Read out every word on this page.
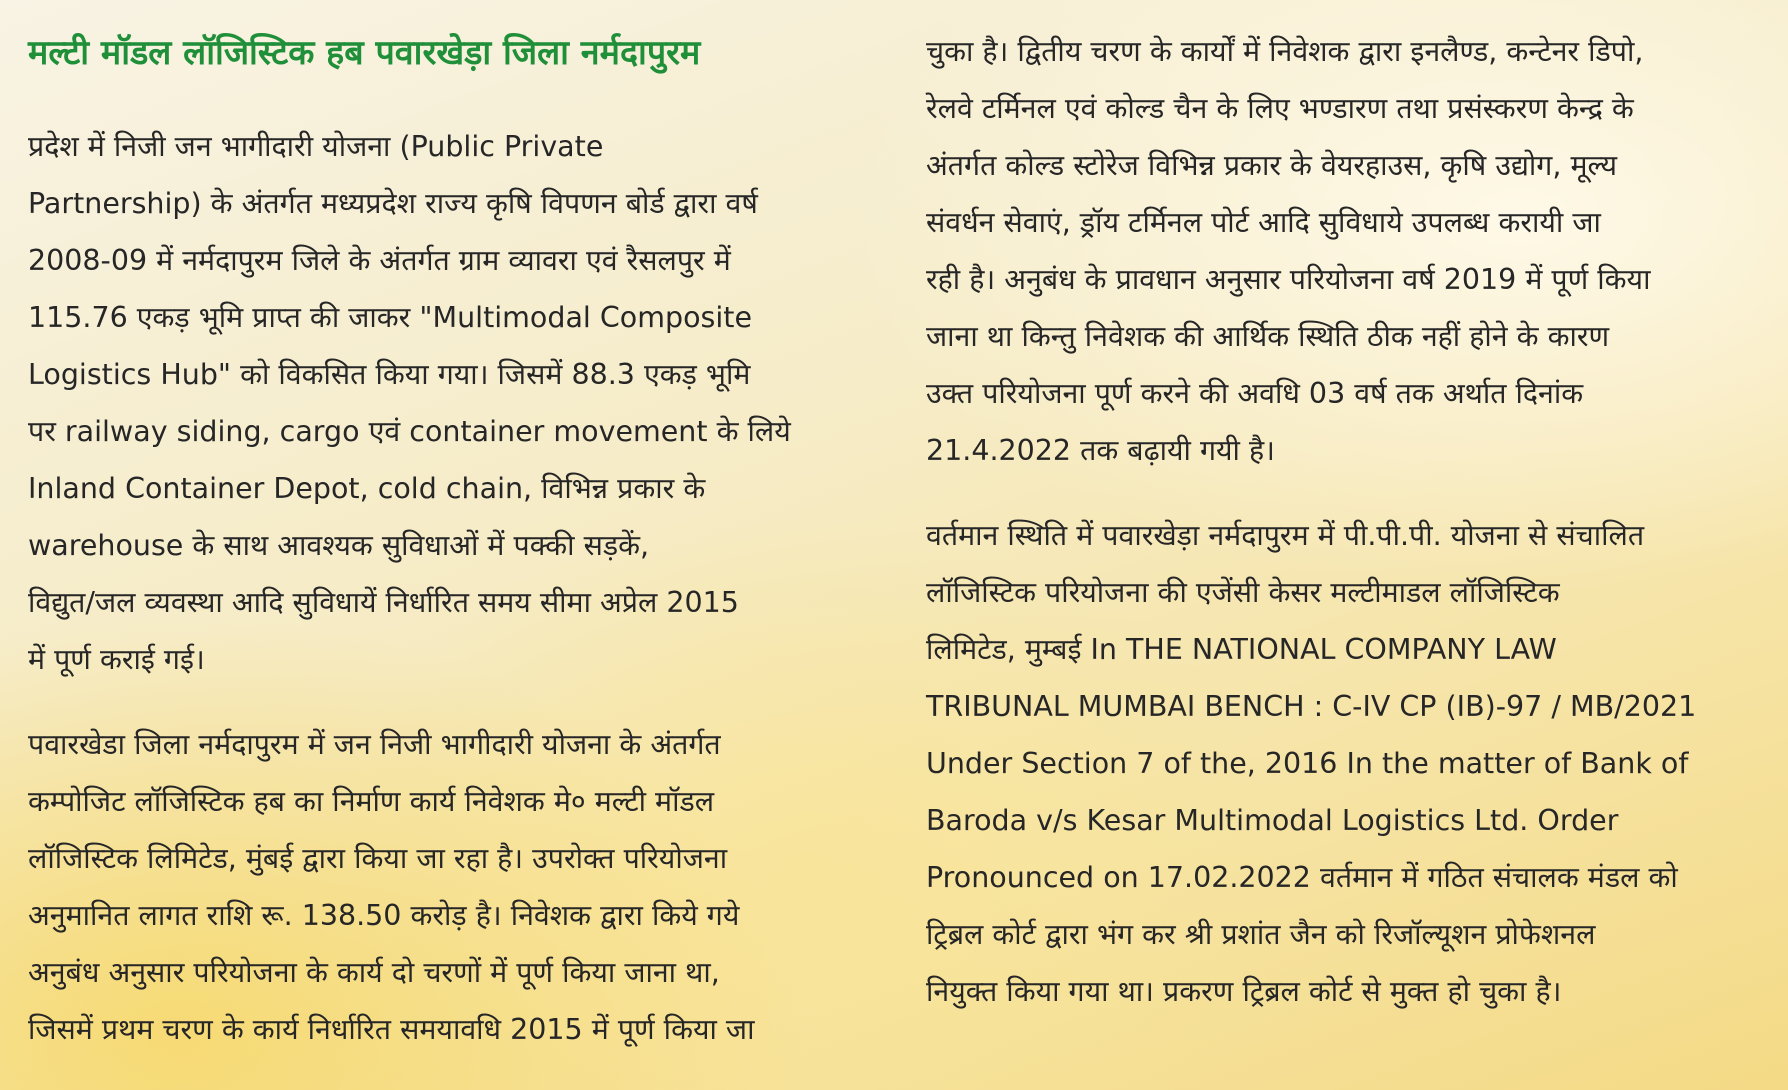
मल्टी मॉडल लॉजिस्टिक हब पवारखेड़ा जिला नर्मदापुरम
प्रदेश में निजी जन भागीदारी योजना (Public Private
Partnership) के अंतर्गत मध्यप्रदेश राज्य कृषि विपणन बोर्ड द्वारा वर्ष
2008-09 में नर्मदापुरम जिले के अंतर्गत ग्राम व्यावरा एवं रैसलपुर में
115.76 एकड़ भूमि प्राप्त की जाकर "Multimodal Composite
Logistics Hub" को विकसित किया गया। जिसमें 88.3 एकड़ भूमि
पर railway siding, cargo एवं container movement के लिये
Inland Container Depot, cold chain, विभिन्न प्रकार के
warehouse के साथ आवश्यक सुविधाओं में पक्की सड़कें,
विद्युत/जल व्यवस्था आदि सुविधायें निर्धारित समय सीमा अप्रेल 2015
में पूर्ण कराई गई।
पवारखेडा जिला नर्मदापुरम में जन निजी भागीदारी योजना के अंतर्गत
कम्पोजिट लॉजिस्टिक हब का निर्माण कार्य निवेशक मे० मल्टी मॉडल
लॉजिस्टिक लिमिटेड, मुंबई द्वारा किया जा रहा है। उपरोक्त परियोजना
अनुमानित लागत राशि रू. 138.50 करोड़ है। निवेशक द्वारा किये गये
अनुबंध अनुसार परियोजना के कार्य दो चरणों में पूर्ण किया जाना था,
जिसमें प्रथम चरण के कार्य निर्धारित समयावधि 2015 में पूर्ण किया जा
चुका है। द्वितीय चरण के कार्यों में निवेशक द्वारा इनलैण्ड, कन्टेनर डिपो,
रेलवे टर्मिनल एवं कोल्ड चैन के लिए भण्डारण तथा प्रसंस्करण केन्द्र के
अंतर्गत कोल्ड स्टोरेज विभिन्न प्रकार के वेयरहाउस, कृषि उद्योग, मूल्य
संवर्धन सेवाएं, ड्रॉय टर्मिनल पोर्ट आदि सुविधाये उपलब्ध करायी जा
रही है। अनुबंध के प्रावधान अनुसार परियोजना वर्ष 2019 में पूर्ण किया
जाना था किन्तु निवेशक की आर्थिक स्थिति ठीक नहीं होने के कारण
उक्त परियोजना पूर्ण करने की अवधि 03 वर्ष तक अर्थात दिनांक
21.4.2022 तक बढ़ायी गयी है।
वर्तमान स्थिति में पवारखेड़ा नर्मदापुरम में पी.पी.पी. योजना से संचालित
लॉजिस्टिक परियोजना की एजेंसी केसर मल्टीमाडल लॉजिस्टिक
लिमिटेड, मुम्बई In THE NATIONAL COMPANY LAW
TRIBUNAL MUMBAI BENCH : C-IV CP (IB)-97 / MB/2021
Under Section 7 of the, 2016 In the matter of Bank of
Baroda v/s Kesar Multimodal Logistics Ltd. Order
Pronounced on 17.02.2022 वर्तमान में गठित संचालक मंडल को
ट्रिब्रल कोर्ट द्वारा भंग कर श्री प्रशांत जैन को रिजॉल्यूशन प्रोफेशनल
नियुक्त किया गया था। प्रकरण ट्रिब्रल कोर्ट से मुक्त हो चुका है।
